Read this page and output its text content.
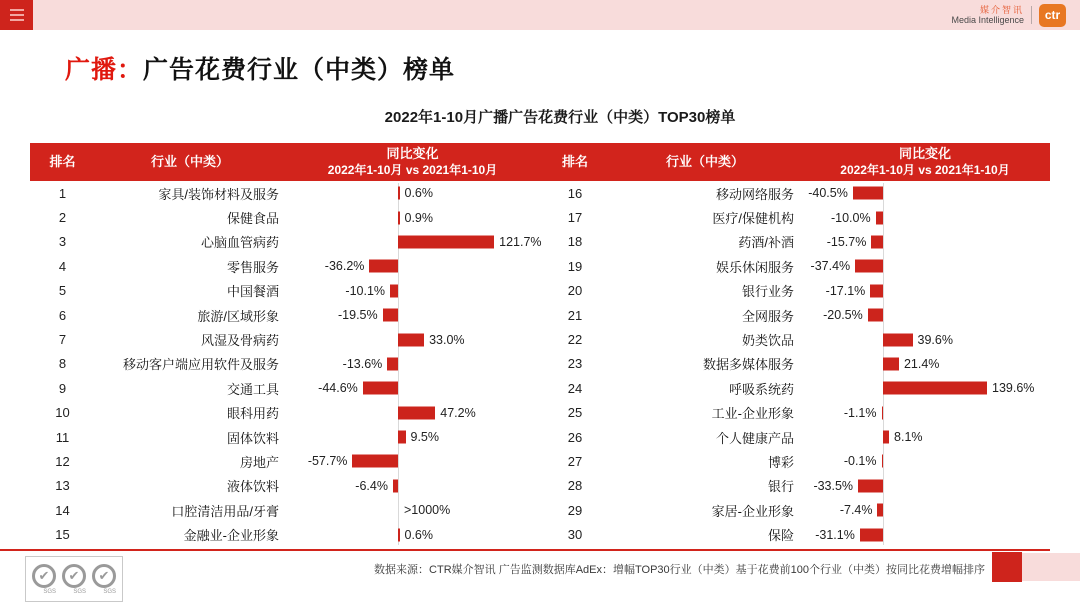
媒介智讯
Media Intelligence	ctr
广播：广告花费行业（中类）榜单
2022年1-10月广播广告花费行业（中类）TOP30榜单
排名	行业（中类）	同比变化
2022年1-10月 vs 2021年1-10月
排名	行业（中类）	同比变化
2022年1-10月 vs 2021年1-10月
1	家具/装饰材料及服务	0.6%
2	保健食品	0.9%
3	心脑血管病药	121.7%
4	零售服务	-36.2%
5	中国餐酒	-10.1%
6	旅游/区域形象	-19.5%
7	风湿及骨病药	33.0%
8	移动客户端应用软件及服务	-13.6%
9	交通工具	-44.6%
10	眼科用药	47.2%
11	固体饮料	9.5%
12	房地产	-57.7%
13	液体饮料	-6.4%
14	口腔清洁用品/牙膏	>1000%
15	金融业-企业形象	0.6%
16	移动网络服务	-40.5%
17	医疗/保健机构	-10.0%
18	药酒/补酒	-15.7%
19	娱乐休闲服务	-37.4%
20	银行业务	-17.1%
21	全网服务	-20.5%
22	奶类饮品	39.6%
23	数据多媒体服务	21.4%
24	呼吸系统药	139.6%
25	工业-企业形象	-1.1%
26	个人健康产品	8.1%
27	博彩	-0.1%
28	银行	-33.5%
29	家居-企业形象	-7.4%
30	保险	-31.1%
数据来源：CTR媒介智讯 广告监测数据库AdEx：增幅TOP30行业（中类）基于花费前100个行业（中类）按同比花费增幅排序
✔
SGS
✔
SGS
✔
SGS
